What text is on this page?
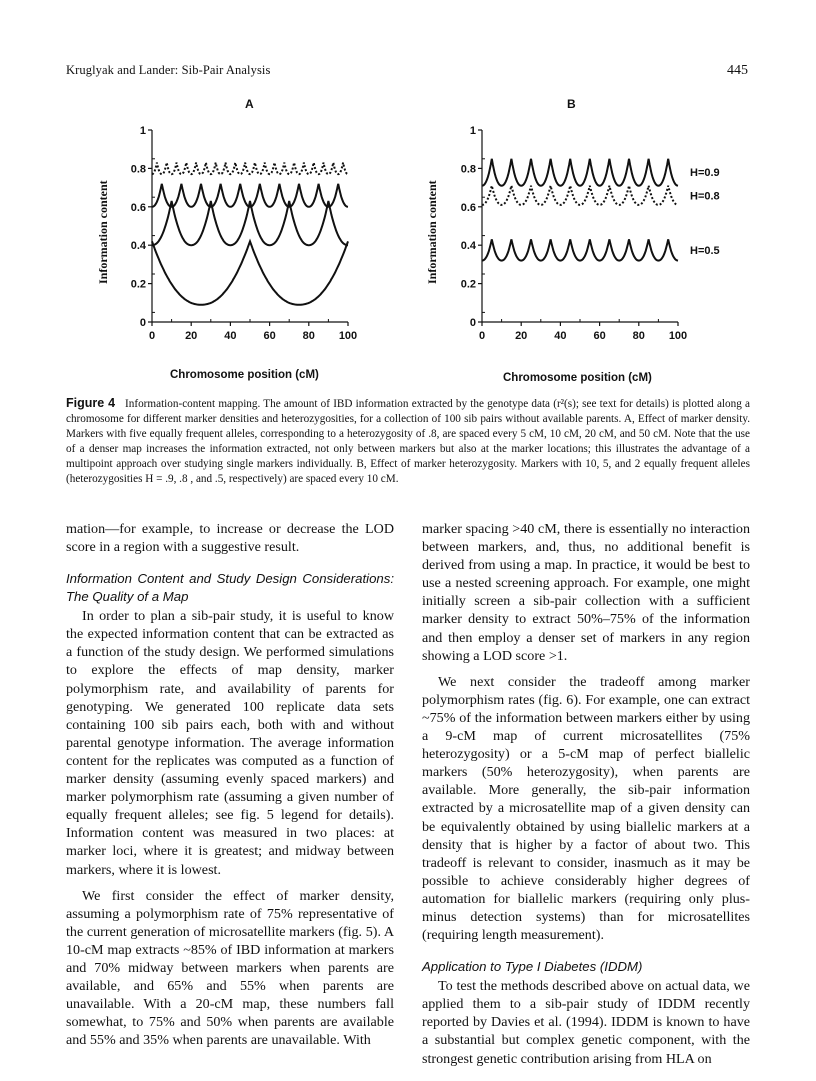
Kruglyak and Lander: Sib-Pair Analysis	445
A	B
Information content	Information content
0
0.2
0.4
0.6
0.8
1
0	20 40 60 80 100
0
0.2
0.4
0.6
0.8
1
0	20 40 60 80 100
H=0.9
H=0.8
H=0.5
Chromosome position (cM)	Chromosome position (cM)
Figure 4 Information-content mapping. The amount of IBD information extracted by the genotype data (r²(s); see text for details) is plotted along a chromosome for different marker densities and heterozygosities, for a collection of 100 sib pairs without available parents. A, Effect of marker density. Markers with five equally frequent alleles, corresponding to a heterozygosity of .8, are spaced every 5 cM, 10 cM, 20 cM, and 50 cM. Note that the use of a denser map increases the information extracted, not only between markers but also at the marker locations; this illustrates the advantage of a multipoint approach over studying single markers individually. B, Effect of marker heterozygosity. Markers with 10, 5, and 2 equally frequent alleles (heterozygosities H = .9, .8 , and .5, respectively) are spaced every 10 cM.

mation—for example, to increase or decrease the LOD score in a region with a suggestive result.

Information Content and Study Design Considerations: The Quality of a Map

In order to plan a sib-pair study, it is useful to know the expected information content that can be extracted as a function of the study design. We performed simulations to explore the effects of map density, marker polymorphism rate, and availability of parents for genotyping. We generated 100 replicate data sets containing 100 sib pairs each, both with and without parental genotype information. The average information content for the replicates was computed as a function of marker density (assuming evenly spaced markers) and marker polymorphism rate (assuming a given number of equally frequent alleles; see fig. 5 legend for details). Information content was measured in two places: at marker loci, where it is greatest; and midway between markers, where it is lowest.

We first consider the effect of marker density, assuming a polymorphism rate of 75% representative of the current generation of microsatellite markers (fig. 5). A 10-cM map extracts ~85% of IBD information at markers and 70% midway between markers when parents are available, and 65% and 55% when parents are unavailable. With a 20-cM map, these numbers fall somewhat, to 75% and 50% when parents are available and 55% and 35% when parents are unavailable. With

marker spacing >40 cM, there is essentially no interaction between markers, and, thus, no additional benefit is derived from using a map. In practice, it would be best to use a nested screening approach. For example, one might initially screen a sib-pair collection with a sufficient marker density to extract 50%–75% of the information and then employ a denser set of markers in any region showing a LOD score >1.

We next consider the tradeoff among marker polymorphism rates (fig. 6). For example, one can extract ~75% of the information between markers either by using a 9-cM map of current microsatellites (75% heterozygosity) or a 5-cM map of perfect biallelic markers (50% heterozygosity), when parents are available. More generally, the sib-pair information extracted by a microsatellite map of a given density can be equivalently obtained by using biallelic markers at a density that is higher by a factor of about two. This tradeoff is relevant to consider, inasmuch as it may be possible to achieve considerably higher degrees of automation for biallelic markers (requiring only plus-minus detection systems) than for microsatellites (requiring length measurement).

Application to Type I Diabetes (IDDM)

To test the methods described above on actual data, we applied them to a sib-pair study of IDDM recently reported by Davies et al. (1994). IDDM is known to have a substantial but complex genetic component, with the strongest genetic contribution arising from HLA on
